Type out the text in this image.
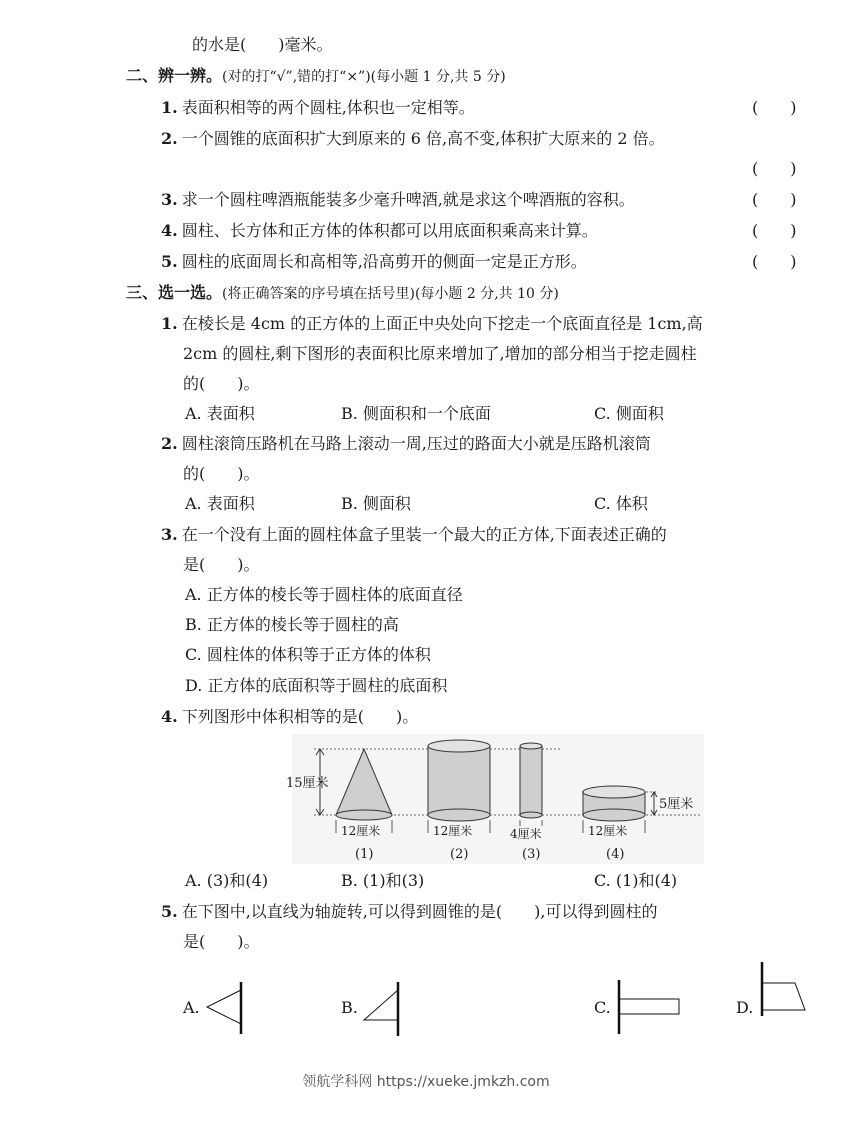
的水是(　　)毫米。
二、辨一辨。(对的打“√”,错的打“×”)(每小题 1 分,共 5 分)
1. 表面积相等的两个圆柱,体积也一定相等。	(　　)
2. 一个圆锥的底面积扩大到原来的 6 倍,高不变,体积扩大原来的 2 倍。
(　　)
3. 求一个圆柱啤酒瓶能装多少毫升啤酒,就是求这个啤酒瓶的容积。	(　　)
4. 圆柱、长方体和正方体的体积都可以用底面积乘高来计算。	(　　)
5. 圆柱的底面周长和高相等,沿高剪开的侧面一定是正方形。	(　　)
三、选一选。(将正确答案的序号填在括号里)(每小题 2 分,共 10 分)
1. 在棱长是 4cm 的正方体的上面正中央处向下挖走一个底面直径是 1cm,高
2cm 的圆柱,剩下图形的表面积比原来增加了,增加的部分相当于挖走圆柱
的(　　)。
A. 表面积	B. 侧面积和一个底面	C. 侧面积
2. 圆柱滚筒压路机在马路上滚动一周,压过的路面大小就是压路机滚筒
的(　　)。
A. 表面积	B. 侧面积	C. 体积
3. 在一个没有上面的圆柱体盒子里装一个最大的正方体,下面表述正确的
是(　　)。
A. 正方体的棱长等于圆柱体的底面直径
B. 正方体的棱长等于圆柱的高
C. 圆柱体的体积等于正方体的体积
D. 正方体的底面积等于圆柱的底面积
4. 下列图形中体积相等的是(　　)。
15厘米
12厘米
(1)
12厘米
(2)
4厘米
(3)
12厘米
(4)
5厘米
A. (3)和(4)	B. (1)和(3)	C. (1)和(4)
5. 在下图中,以直线为轴旋转,可以得到圆锥的是(　　),可以得到圆柱的
是(　　)。
A.	B.	C.	D.
领航学科网 https://xueke.jmkzh.com
